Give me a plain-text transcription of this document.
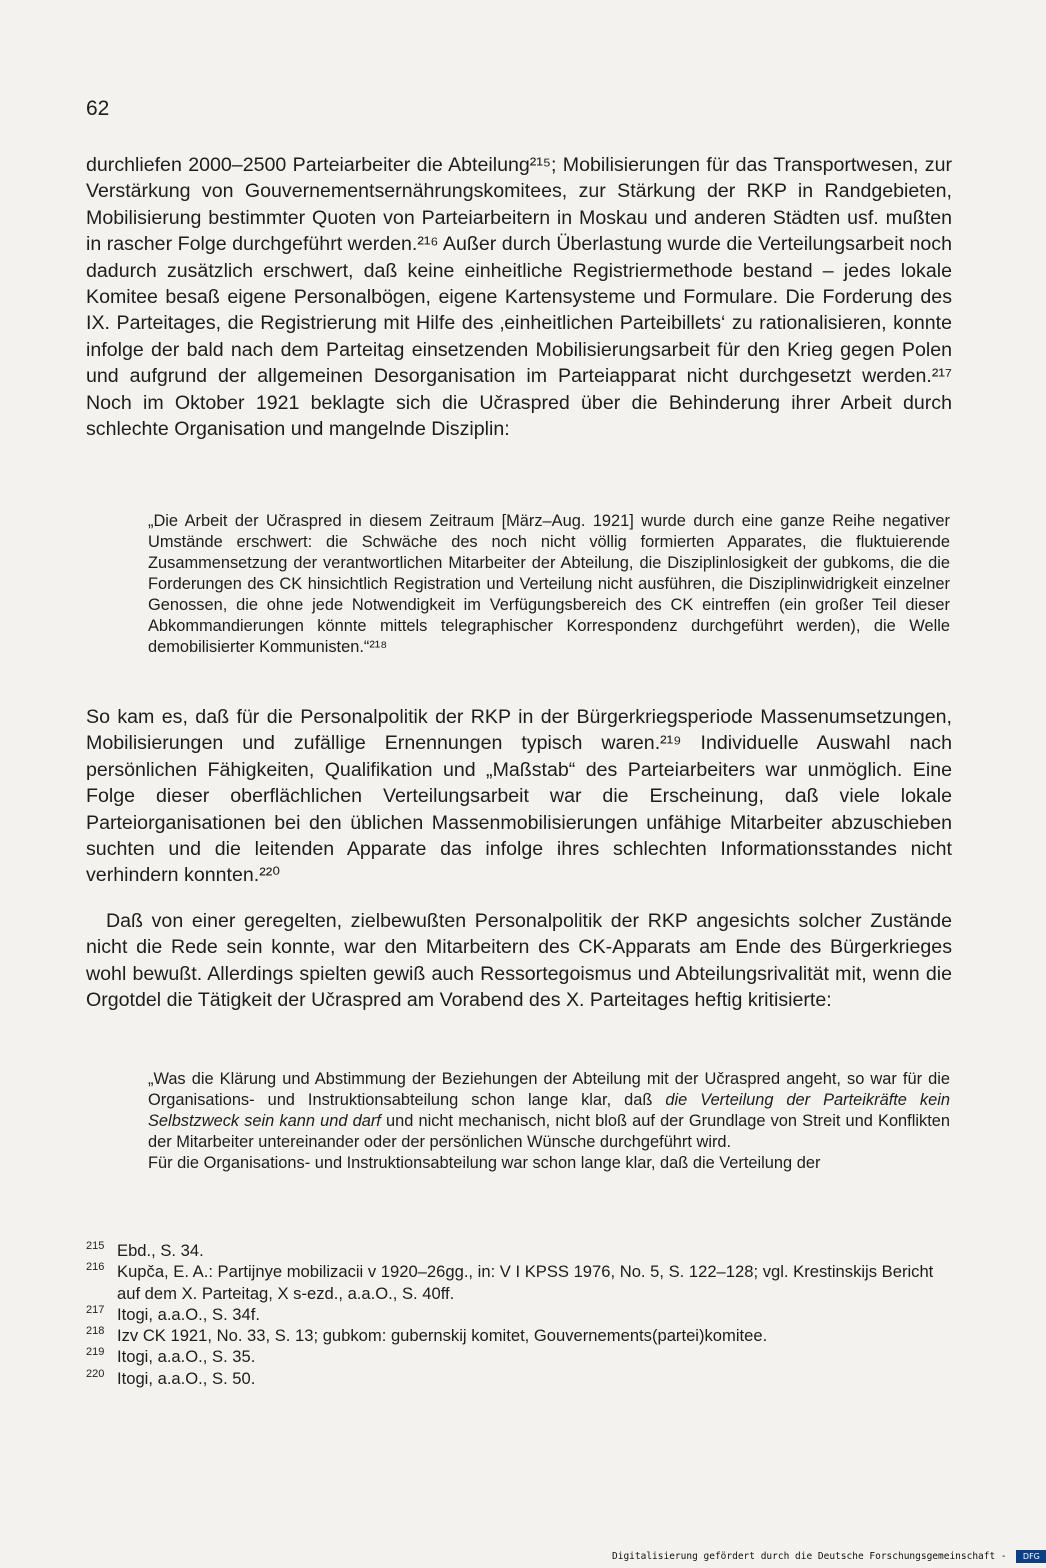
62

durchliefen 2000–2500 Parteiarbeiter die Abteilung²¹⁵; Mobilisierungen für das Transportwesen, zur Verstärkung von Gouvernementsernährungskomitees, zur Stärkung der RKP in Randgebieten, Mobilisierung bestimmter Quoten von Parteiarbeitern in Moskau und anderen Städten usf. mußten in rascher Folge durchgeführt werden.²¹⁶ Außer durch Überlastung wurde die Verteilungsarbeit noch dadurch zusätzlich erschwert, daß keine einheitliche Registriermethode bestand – jedes lokale Komitee besaß eigene Personalbögen, eigene Kartensysteme und Formulare. Die Forderung des IX. Parteitages, die Registrierung mit Hilfe des ‚einheitlichen Parteibillets‘ zu rationalisieren, konnte infolge der bald nach dem Parteitag einsetzenden Mobilisierungsarbeit für den Krieg gegen Polen und aufgrund der allgemeinen Desorganisation im Parteiapparat nicht durchgesetzt werden.²¹⁷ Noch im Oktober 1921 beklagte sich die Učraspred über die Behinderung ihrer Arbeit durch schlechte Organisation und mangelnde Disziplin:

„Die Arbeit der Učraspred in diesem Zeitraum [März–Aug. 1921] wurde durch eine ganze Reihe negativer Umstände erschwert: die Schwäche des noch nicht völlig formierten Apparates, die fluktuierende Zusammensetzung der verantwortlichen Mitarbeiter der Abteilung, die Disziplinlosigkeit der gubkoms, die die Forderungen des CK hinsichtlich Registration und Verteilung nicht ausführen, die Disziplinwidrigkeit einzelner Genossen, die ohne jede Notwendigkeit im Verfügungsbereich des CK eintreffen (ein großer Teil dieser Abkommandierungen könnte mittels telegraphischer Korrespondenz durchgeführt werden), die Welle demobilisierter Kommunisten.“²¹⁸

So kam es, daß für die Personalpolitik der RKP in der Bürgerkriegsperiode Massenumsetzungen, Mobilisierungen und zufällige Ernennungen typisch waren.²¹⁹ Individuelle Auswahl nach persönlichen Fähigkeiten, Qualifikation und „Maßstab“ des Parteiarbeiters war unmöglich. Eine Folge dieser oberflächlichen Verteilungsarbeit war die Erscheinung, daß viele lokale Parteiorganisationen bei den üblichen Massenmobilisierungen unfähige Mitarbeiter abzuschieben suchten und die leitenden Apparate das infolge ihres schlechten Informationsstandes nicht verhindern konnten.²²⁰

Daß von einer geregelten, zielbewußten Personalpolitik der RKP angesichts solcher Zustände nicht die Rede sein konnte, war den Mitarbeitern des CK-Apparats am Ende des Bürgerkrieges wohl bewußt. Allerdings spielten gewiß auch Ressortegoismus und Abteilungsrivalität mit, wenn die Orgotdel die Tätigkeit der Učraspred am Vorabend des X. Parteitages heftig kritisierte:

„Was die Klärung und Abstimmung der Beziehungen der Abteilung mit der Učraspred angeht, so war für die Organisations- und Instruktionsabteilung schon lange klar, daß die Verteilung der Parteikräfte kein Selbstzweck sein kann und darf und nicht mechanisch, nicht bloß auf der Grundlage von Streit und Konflikten der Mitarbeiter untereinander oder der persönlichen Wünsche durchgeführt wird.

Für die Organisations- und Instruktionsabteilung war schon lange klar, daß die Verteilung der

215 Ebd., S. 34.
216 Kupča, E. A.: Partijnye mobilizacii v 1920–26gg., in: V I KPSS 1976, No. 5, S. 122–128; vgl. Krestinskijs Bericht auf dem X. Parteitag, X s-ezd., a.a.O., S. 40ff.
217 Itogi, a.a.O., S. 34f.
218 Izv CK 1921, No. 33, S. 13; gubkom: gubernskij komitet, Gouvernements(partei)komitee.
219 Itogi, a.a.O., S. 35.
220 Itogi, a.a.O., S. 50.
Digitalisierung gefördert durch die Deutsche Forschungsgemeinschaft - DFG
